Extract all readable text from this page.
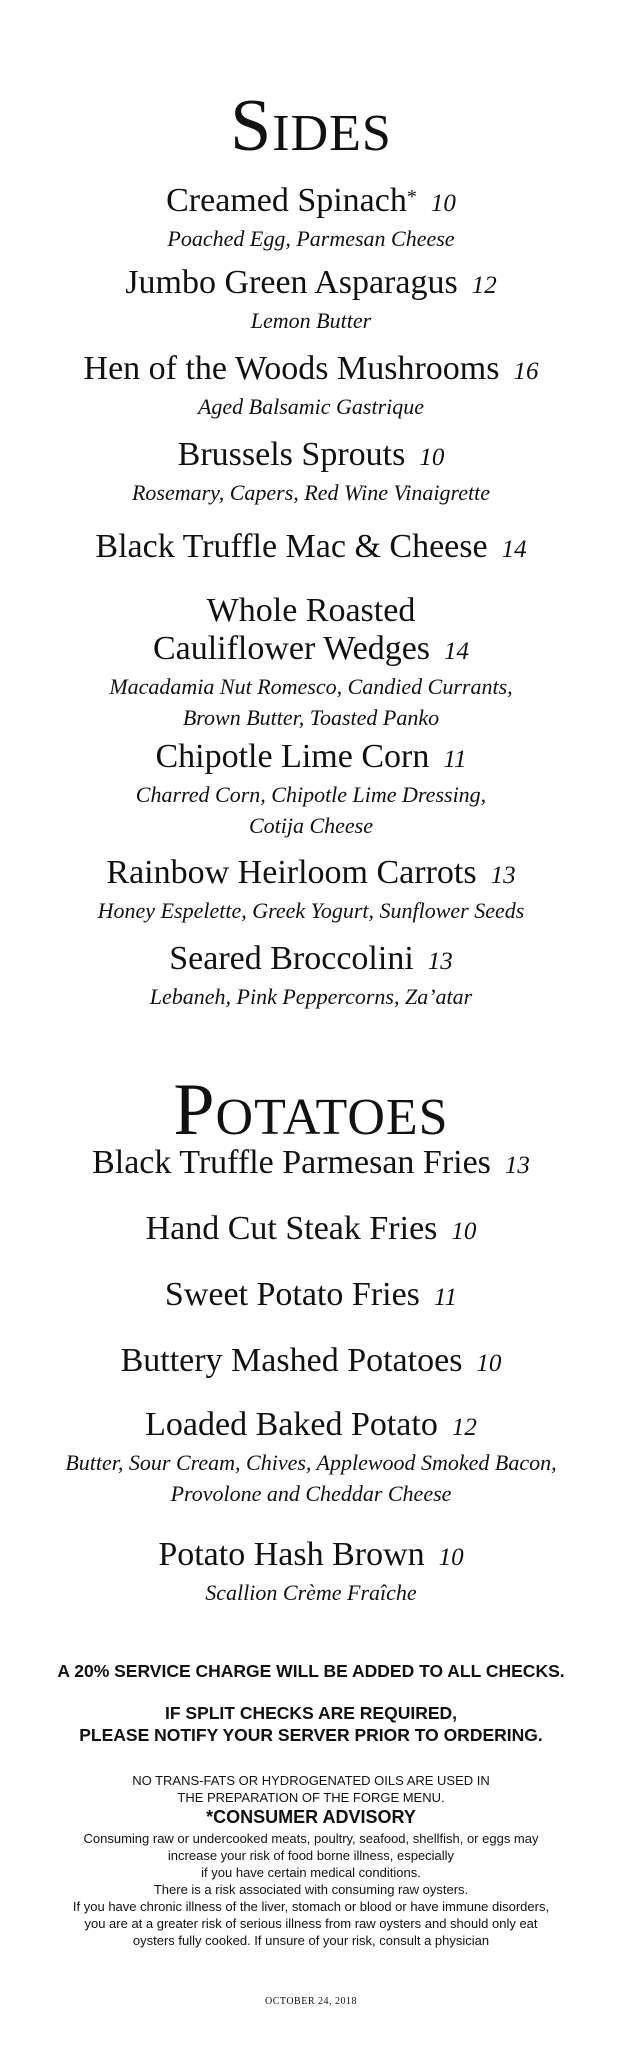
Sides
Creamed Spinach* 10
Poached Egg, Parmesan Cheese
Jumbo Green Asparagus 12
Lemon Butter
Hen of the Woods Mushrooms 16
Aged Balsamic Gastrique
Brussels Sprouts 10
Rosemary, Capers, Red Wine Vinaigrette
Black Truffle Mac & Cheese 14
Whole Roasted
Cauliflower Wedges 14
Macadamia Nut Romesco, Candied Currants,
Brown Butter, Toasted Panko
Chipotle Lime Corn 11
Charred Corn, Chipotle Lime Dressing,
Cotija Cheese
Rainbow Heirloom Carrots 13
Honey Espelette, Greek Yogurt, Sunflower Seeds
Seared Broccolini 13
Lebaneh, Pink Peppercorns, Za’atar
Potatoes
Black Truffle Parmesan Fries 13
Hand Cut Steak Fries 10
Sweet Potato Fries 11
Buttery Mashed Potatoes 10
Loaded Baked Potato 12
Butter, Sour Cream, Chives, Applewood Smoked Bacon,
Provolone and Cheddar Cheese
Potato Hash Brown 10
Scallion Crème Fraîche
A 20% SERVICE CHARGE WILL BE ADDED TO ALL CHECKS.
IF SPLIT CHECKS ARE REQUIRED,
PLEASE NOTIFY YOUR SERVER PRIOR TO ORDERING.
NO TRANS-FATS OR HYDROGENATED OILS ARE USED IN
THE PREPARATION OF THE FORGE MENU.
*CONSUMER ADVISORY
Consuming raw or undercooked meats, poultry, seafood, shellfish, or eggs may
increase your risk of food borne illness, especially
if you have certain medical conditions.
There is a risk associated with consuming raw oysters.
If you have chronic illness of the liver, stomach or blood or have immune disorders,
you are at a greater risk of serious illness from raw oysters and should only eat
oysters fully cooked. If unsure of your risk, consult a physician
OCTOBER 24, 2018
